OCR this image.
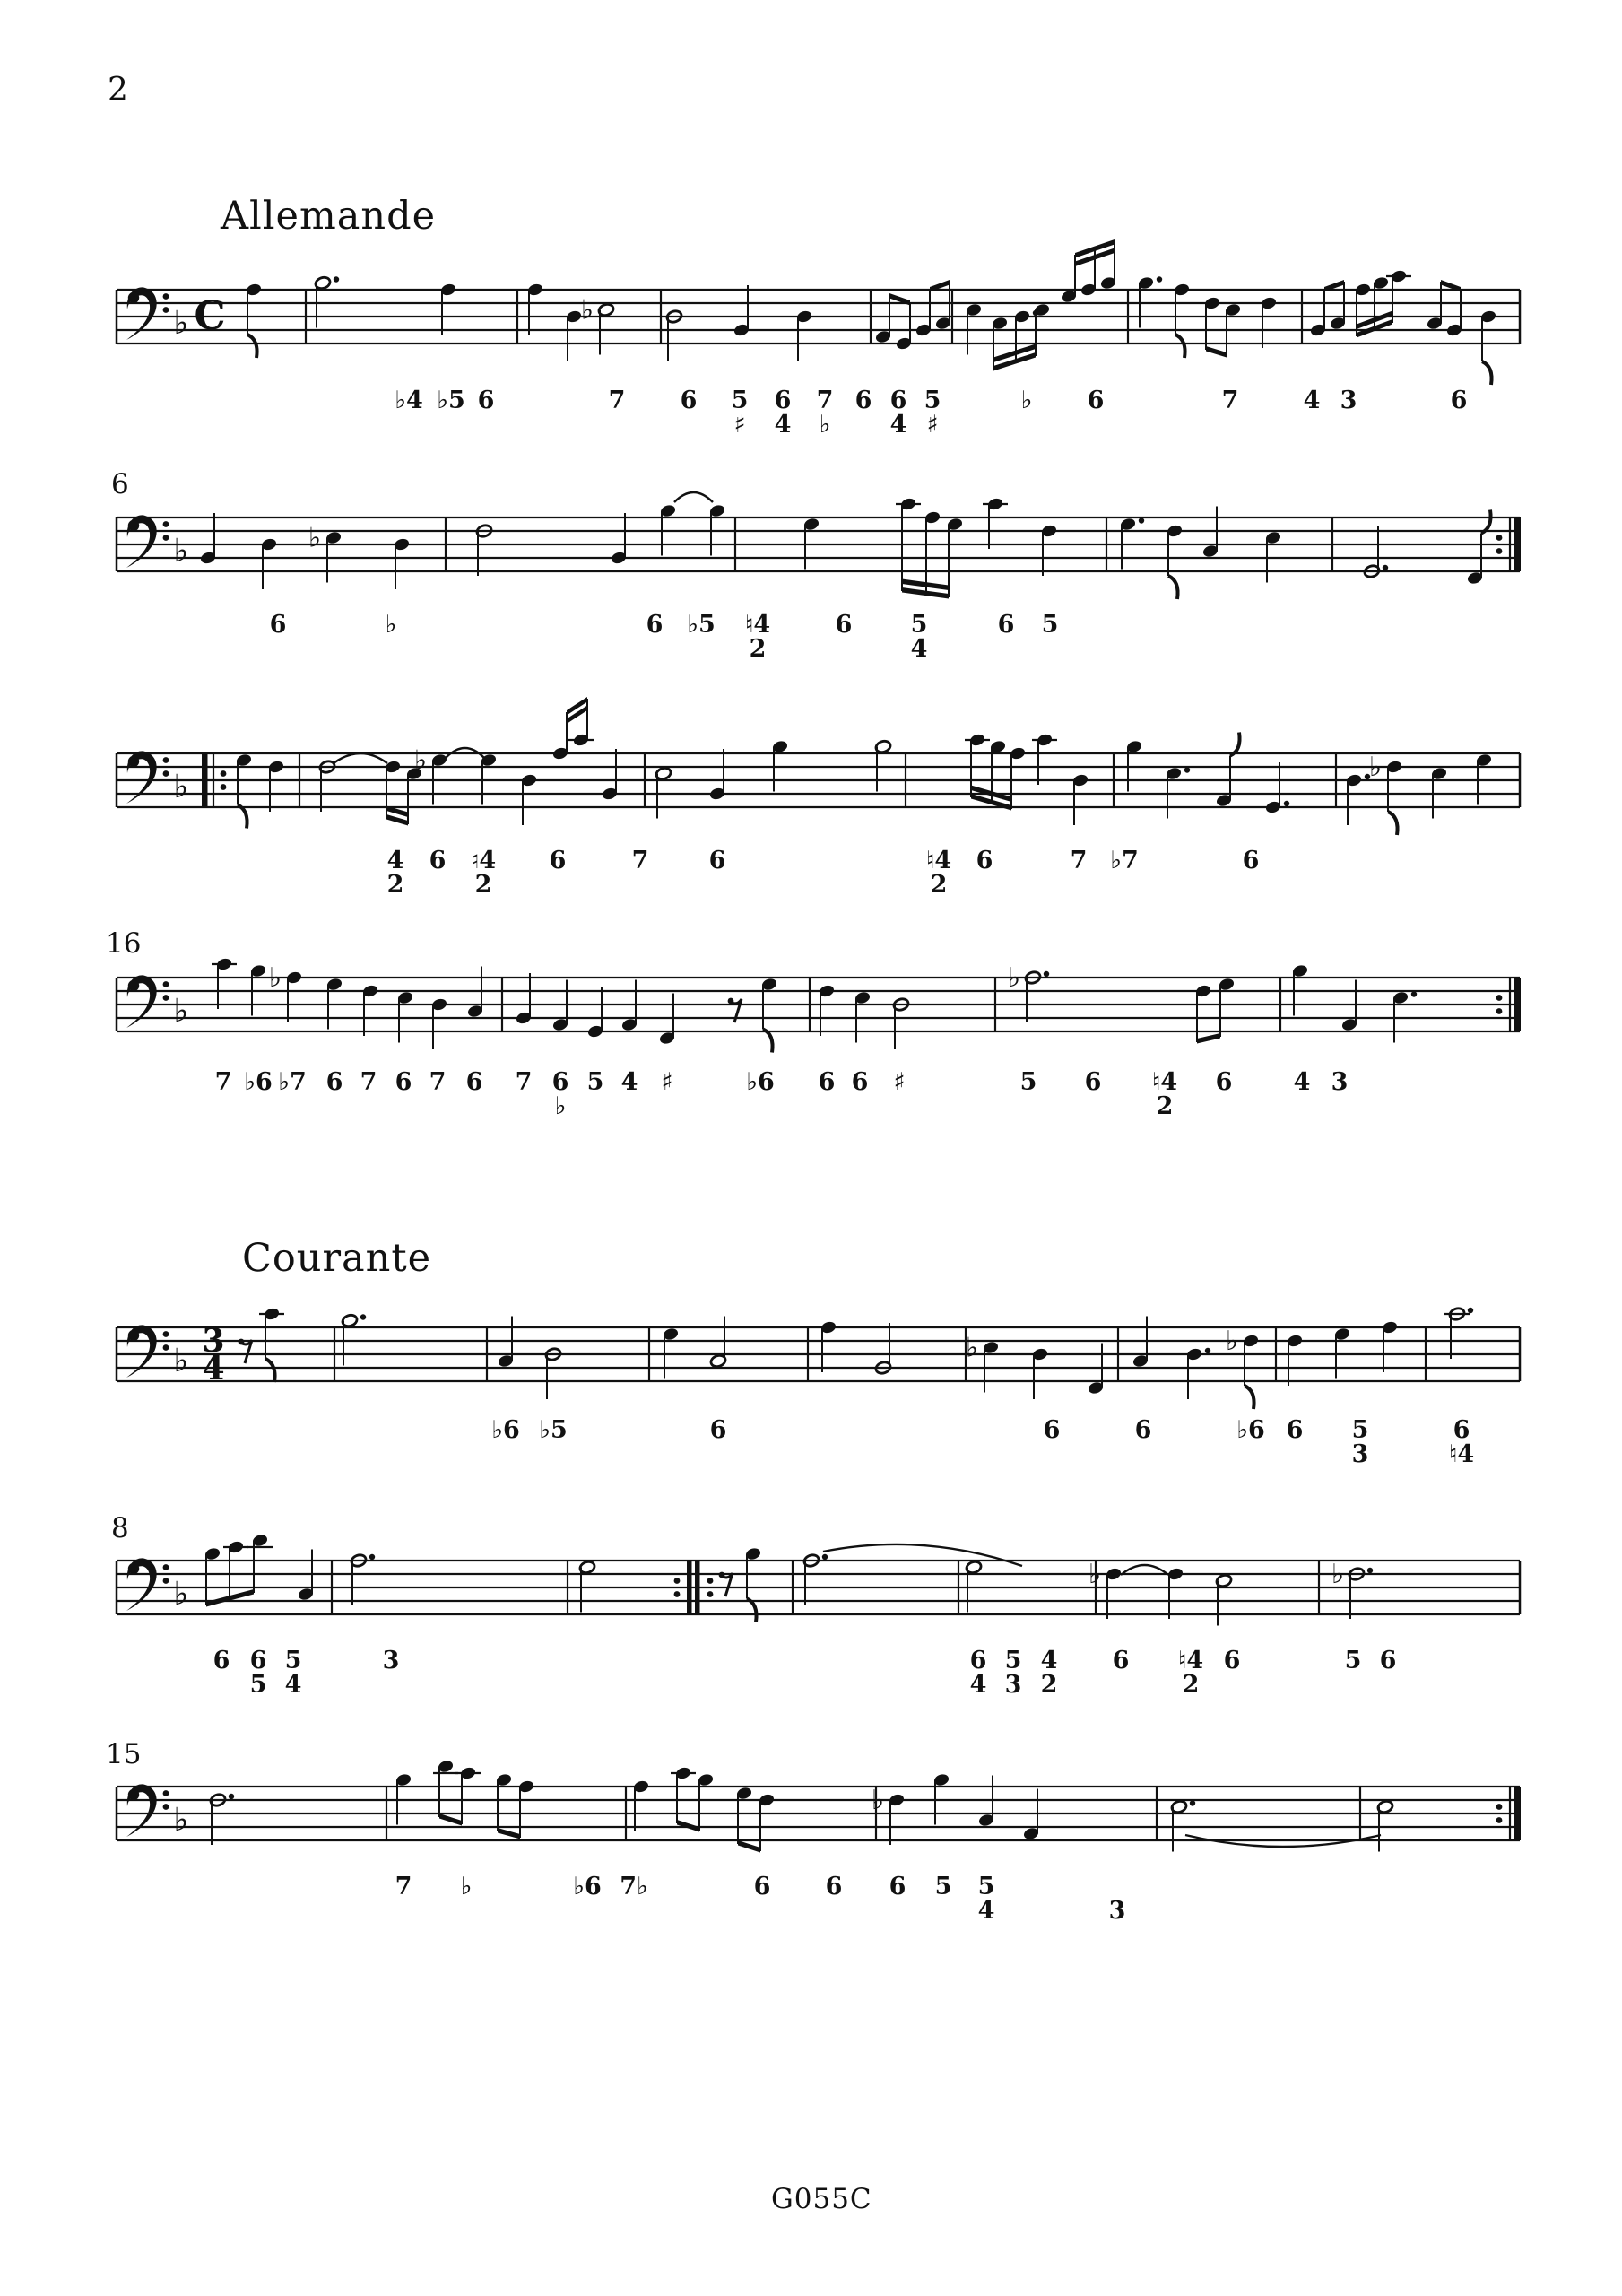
2
Allemande
6
16
Courante
8
15
G055C
♭ C	♭
♭4 ♭5 6	7 6 5
♯
6
4
7
♭
6 6
4
5
♯
♭ 6	7	4 3	6
♭	♭
6	♭	6 ♭5 ♮4
2
6 5
4
6 5
♭
♭	♭
4
2
6 ♮4
2
6	7 6	♮4
2
6	7 ♭7	6
♭
♭	♭
7 ♭6 ♭7 6 7 6 7 6 7 6
♭
5 4 ♯	♭6 6 6 ♯	5 6 ♮4
2
6	4 3
♭
3
4
♭	♭
♭6 ♭5	6	6	6	♭6 6 5
3
6
♮4
♭
♭	♭
6 6
5
5
4
3	6
4
5
3
4
2
6 ♮4
2
6	5 6
♭
♭
7 ♭	♭6 7♭	6 6 6 5 5
4	3
